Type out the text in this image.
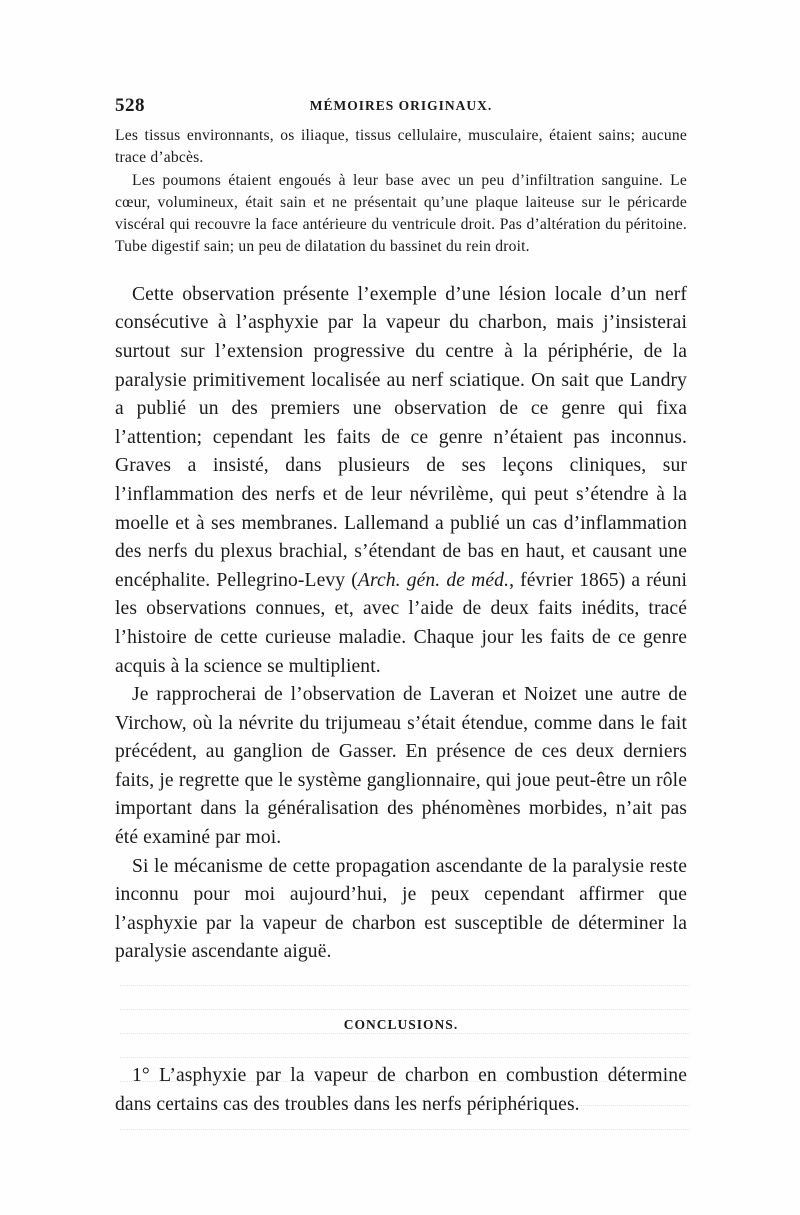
528	MÉMOIRES ORIGINAUX.

Les tissus environnants, os iliaque, tissus cellulaire, musculaire, étaient sains; aucune trace d’abcès.

Les poumons étaient engoués à leur base avec un peu d’infiltration sanguine. Le cœur, volumineux, était sain et ne présentait qu’une plaque laiteuse sur le péricarde viscéral qui recouvre la face antérieure du ventricule droit. Pas d’altération du péritoine. Tube digestif sain; un peu de dilatation du bassinet du rein droit.

Cette observation présente l’exemple d’une lésion locale d’un nerf consécutive à l’asphyxie par la vapeur du charbon, mais j’insisterai surtout sur l’extension progressive du centre à la périphérie, de la paralysie primitivement localisée au nerf sciatique. On sait que Landry a publié un des premiers une observation de ce genre qui fixa l’attention; cependant les faits de ce genre n’étaient pas inconnus. Graves a insisté, dans plusieurs de ses leçons cliniques, sur l’inflammation des nerfs et de leur névrilème, qui peut s’étendre à la moelle et à ses membranes. Lallemand a publié un cas d’inflammation des nerfs du plexus brachial, s’étendant de bas en haut, et causant une encéphalite. Pellegrino-Levy (Arch. gén. de méd., février 1865) a réuni les observations connues, et, avec l’aide de deux faits inédits, tracé l’histoire de cette curieuse maladie. Chaque jour les faits de ce genre acquis à la science se multiplient.

Je rapprocherai de l’observation de Laveran et Noizet une autre de Virchow, où la névrite du trijumeau s’était étendue, comme dans le fait précédent, au ganglion de Gasser. En présence de ces deux derniers faits, je regrette que le système ganglionnaire, qui joue peut-être un rôle important dans la généralisation des phénomènes morbides, n’ait pas été examiné par moi.

Si le mécanisme de cette propagation ascendante de la paralysie reste inconnu pour moi aujourd’hui, je peux cependant affirmer que l’asphyxie par la vapeur de charbon est susceptible de déterminer la paralysie ascendante aiguë.

CONCLUSIONS.

1° L’asphyxie par la vapeur de charbon en combustion détermine dans certains cas des troubles dans les nerfs périphériques.
